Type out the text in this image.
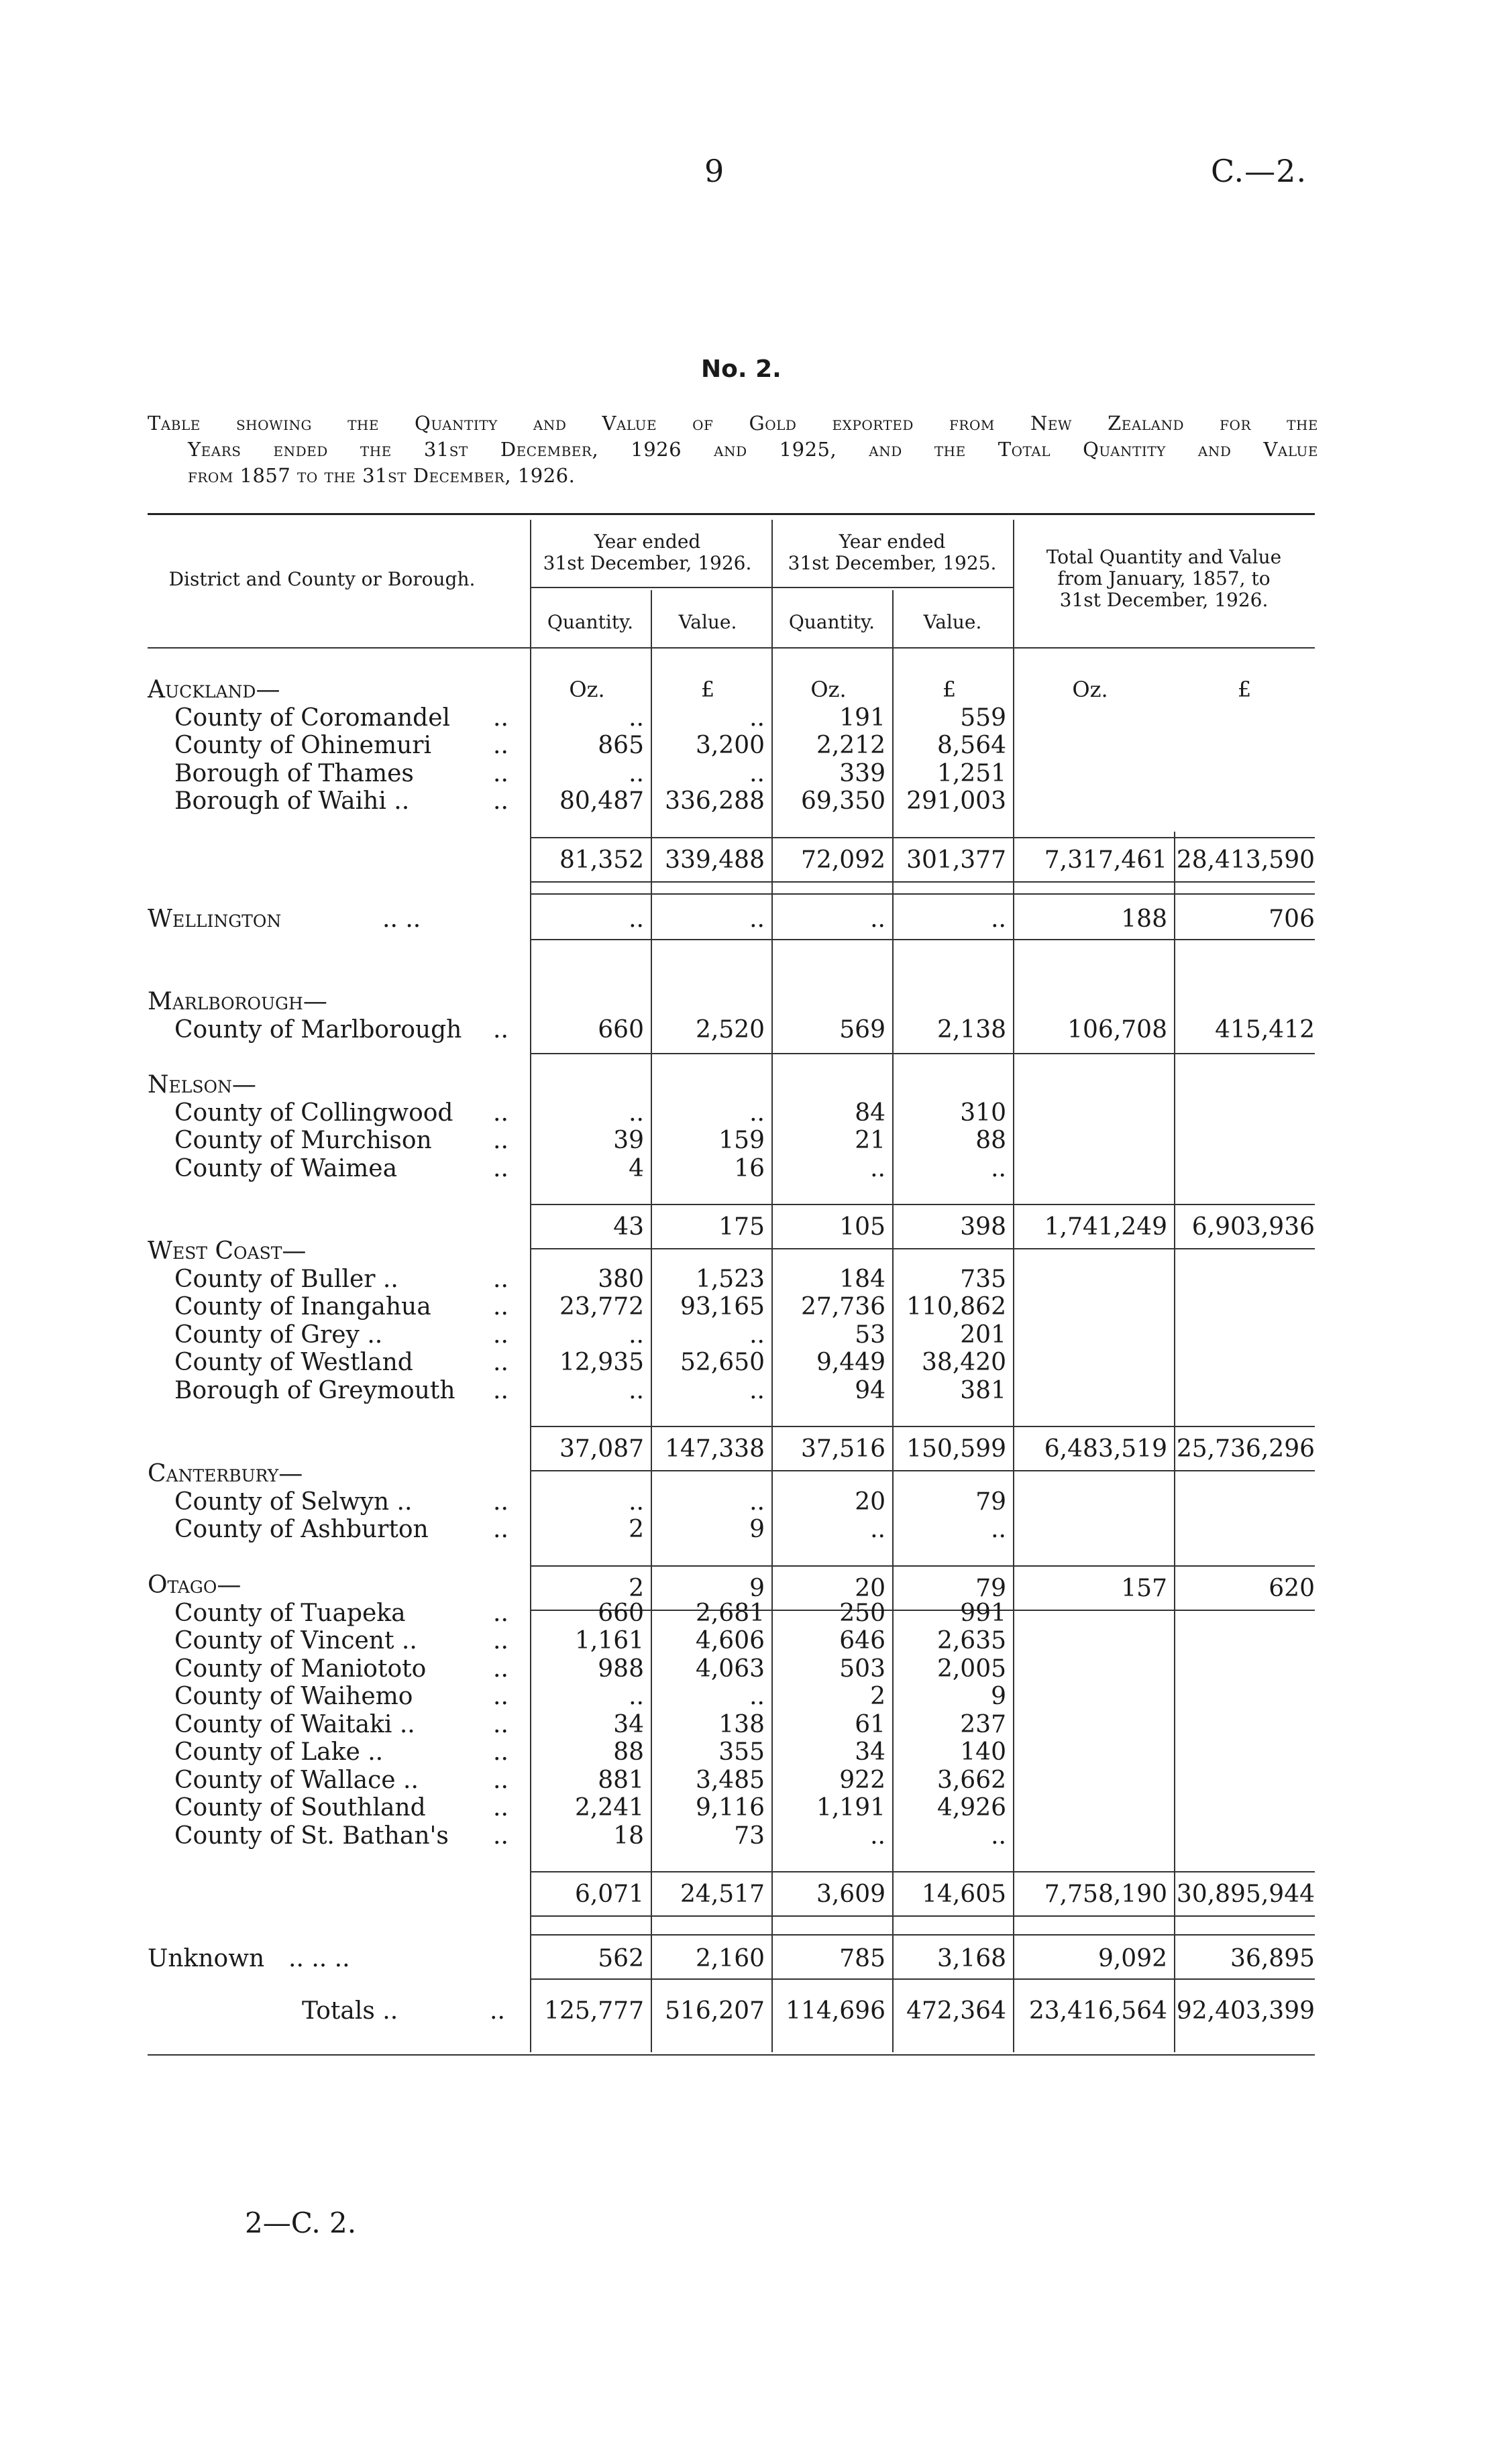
9	C.—2.
No. 2.
Table showing the Quantity and Value of Gold exported from New Zealand for the
Years ended the 31st December, 1926 and 1925, and the Total Quantity and Value
from 1857 to the 31st December, 1926.
District and County or Borough.
Year ended
31st December, 1926.
Year ended
31st December, 1925.	Total Quantity and Value
from January, 1857, to
31st December, 1926.
Quantity.	Value.	Quantity.	Value.
Oz.	£	Oz.	£	Oz.	£
Auckland—
County of Coromandel ..	..	..	191	559
County of Ohinemuri	..	865	3,200	2,212	8,564
Borough of Thames	..	..	..	339	1,251
Borough of Waihi ..	..	80,487 336,288	69,350 291,003
81,352 339,488	72,092 301,377	7,317,461 28,413,590
Wellington	.. ..	..	..	..	..	188	706
Marlborough—
County of Marlborough ..	660	2,520	569	2,138	106,708	415,412
Nelson—
County of Collingwood ..	..	..	84	310
County of Murchison	..	39	159	21	88
County of Waimea	..	4	16	..	..
43	175	105	398	1,741,249	6,903,936
West Coast—
County of Buller ..	..	380	1,523	184	735
County of Inangahua	..	23,772	93,165	27,736 110,862
County of Grey ..	..	..	..	53	201
County of Westland	..	12,935	52,650	9,449	38,420
Borough of Greymouth ..	..	..	94	381
37,087 147,338	37,516 150,599	6,483,519 25,736,296
Canterbury—
County of Selwyn ..	..	..	..	20	79
County of Ashburton	..	2	9	..	..
2	9	20	79	157	620
Otago—
County of Tuapeka	..	660	2,681	250	991
County of Vincent ..	..	1,161	4,606	646	2,635
County of Maniototo	..	988	4,063	503	2,005
County of Waihemo	..	..	..	2	9
County of Waitaki ..	..	34	138	61	237
County of Lake ..	..	88	355	34	140
County of Wallace ..	..	881	3,485	922	3,662
County of Southland	..	2,241	9,116	1,191	4,926
County of St. Bathan's ..	18	73	..	..
6,071	24,517	3,609	14,605	7,758,190 30,895,944
Unknown .. .. ..	562	2,160	785	3,168	9,092	36,895
Totals ..	..	125,777 516,207 114,696 472,364 23,416,564 92,403,399
2—C. 2.
